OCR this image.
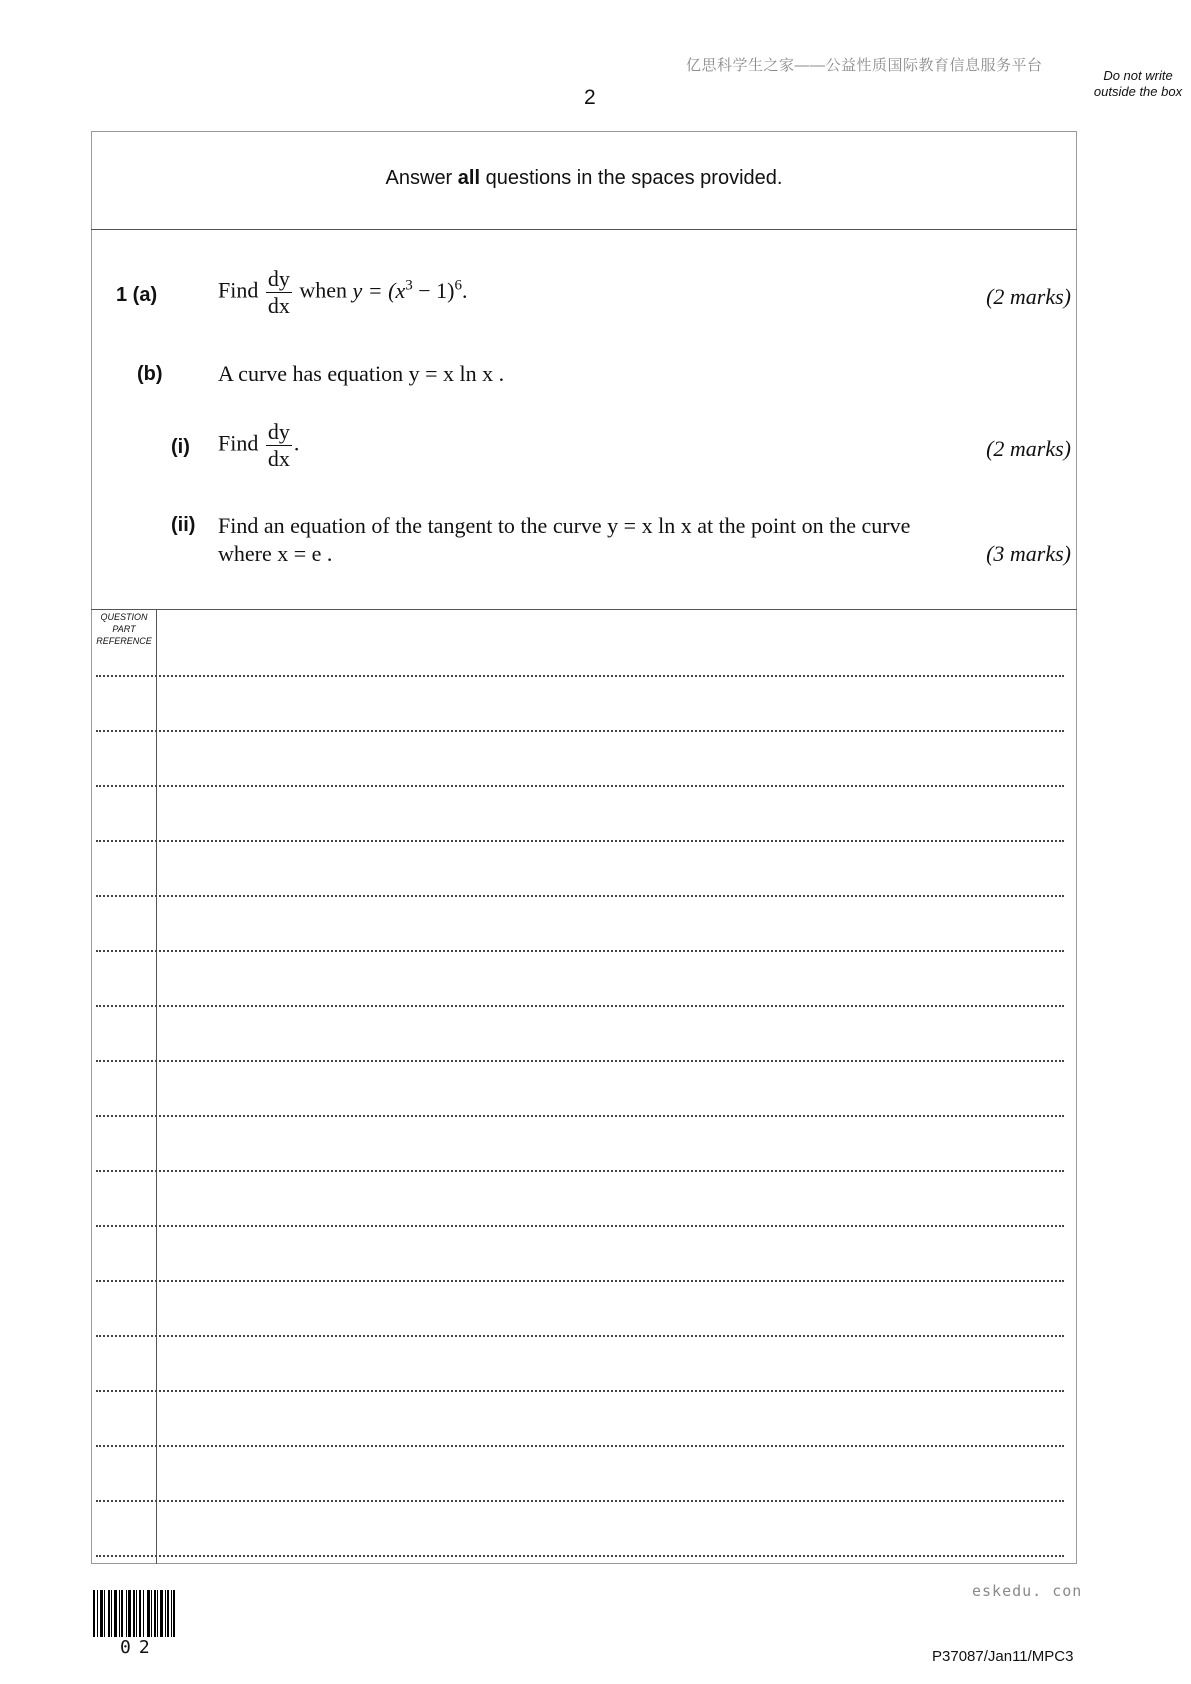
亿思科学生之家——公益性质国际教育信息服务平台
Do not write outside the box
2
Answer all questions in the spaces provided.
1 (a)	Find $\frac{dy}{dx}$ when $y = (x^3 - 1)^6$.	(2 marks)
(b)	A curve has equation y = x ln x .
(i) Find $\frac{dy}{dx}$ .	(2 marks)
(ii) Find an equation of the tangent to the curve y = x ln x at the point on the curve
where x = e .	(3 marks)
QUESTION PART REFERENCE
eskedu. con
02	P37087/Jan11/MPC3
